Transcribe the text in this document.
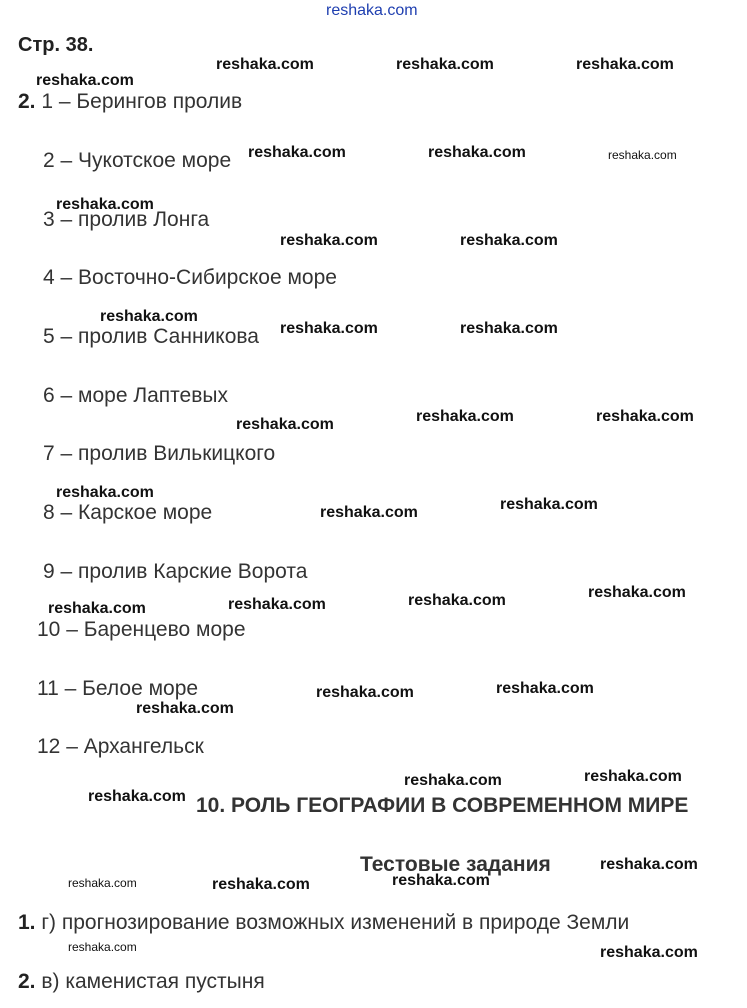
reshaka.com
Стр. 38.
2. 1 – Берингов пролив
2 – Чукотское море
3 – пролив Лонга
4 – Восточно-Сибирское море
5 – пролив Санникова
6 – море Лаптевых
7 – пролив Вилькицкого
8 – Карское море
9 – пролив Карские Ворота
10 – Баренцево море
11 – Белое море
12 – Архангельск
10. РОЛЬ ГЕОГРАФИИ В СОВРЕМЕННОМ МИРЕ
Тестовые задания
1. г) прогнозирование возможных изменений в природе Земли
2. в) каменистая пустыня
reshaka.com
reshaka.com	reshaka.com	reshaka.com
reshaka.com	reshaka.com	reshaka.com
reshaka.com
reshaka.com	reshaka.com
reshaka.com
reshaka.com	reshaka.com
reshaka.com	reshaka.com
reshaka.com
reshaka.com
reshaka.com
reshaka.com
reshaka.com
reshaka.com
reshaka.com
reshaka.com
reshaka.com
reshaka.com
reshaka.com
reshaka.com
reshaka.com
reshaka.com
reshaka.com
reshaka.com
reshaka.com
reshaka.com
reshaka.com	reshaka.com
